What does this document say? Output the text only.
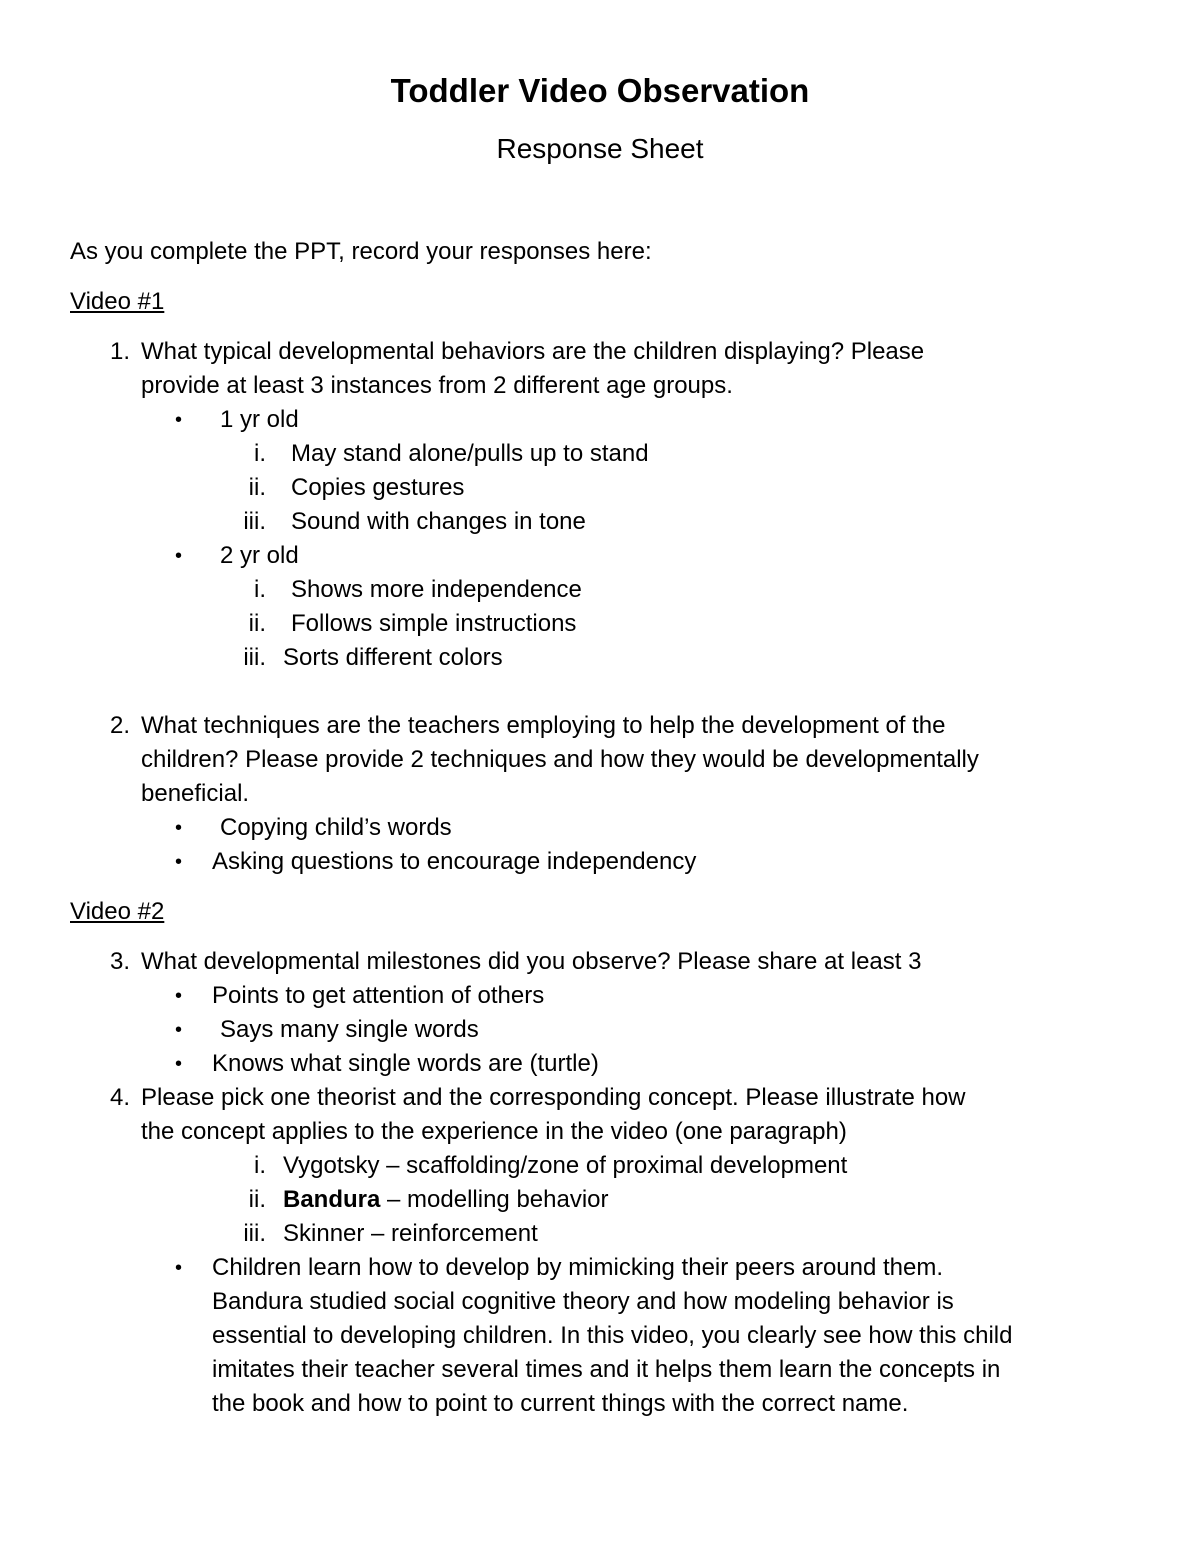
Toddler Video Observation
Response Sheet
As you complete the PPT, record your responses here:
Video #1
1. What typical developmental behaviors are the children displaying? Please
provide at least 3 instances from 2 different age groups.
• 1 yr old
i. May stand alone/pulls up to stand
ii. Copies gestures
iii. Sound with changes in tone
• 2 yr old
i. Shows more independence
ii. Follows simple instructions
iii. Sorts different colors
2. What techniques are the teachers employing to help the development of the
children? Please provide 2 techniques and how they would be developmentally
beneficial.
• Copying child’s words
• Asking questions to encourage independency
Video #2
3. What developmental milestones did you observe? Please share at least 3
• Points to get attention of others
• Says many single words
• Knows what single words are (turtle)
4. Please pick one theorist and the corresponding concept. Please illustrate how
the concept applies to the experience in the video (one paragraph)
i. Vygotsky – scaffolding/zone of proximal development
ii. Bandura – modelling behavior
iii. Skinner – reinforcement
• Children learn how to develop by mimicking their peers around them.
Bandura studied social cognitive theory and how modeling behavior is
essential to developing children. In this video, you clearly see how this child
imitates their teacher several times and it helps them learn the concepts in
the book and how to point to current things with the correct name.
